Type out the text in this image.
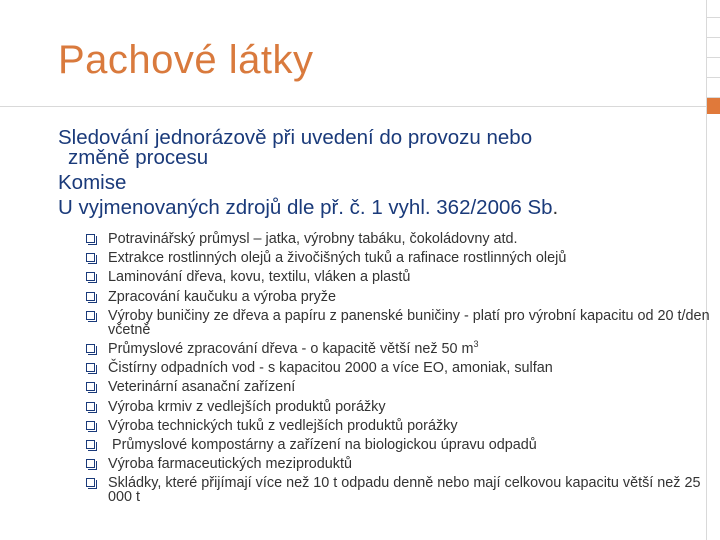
Pachové látky
Sledování jednorázově při uvedení do provozu nebo
změně procesu
Komise
U vyjmenovaných zdrojů dle př. č. 1 vyhl. 362/2006 Sb.
Potravinářský průmysl – jatka, výrobny tabáku, čokoládovny atd.
Extrakce rostlinných olejů a živočišných tuků a rafinace rostlinných olejů
Laminování dřeva, kovu, textilu, vláken a plastů
Zpracování kaučuku a výroba pryže
Výroby buničiny ze dřeva a papíru z panenské buničiny - platí pro výrobní kapacitu od 20 t/den včetně
Průmyslové zpracování dřeva - o kapacitě větší než 50 $m^3$
Čistírny odpadních vod - s kapacitou 2000 a více EO, amoniak, sulfan
Veterinární asanační zařízení
Výroba krmiv z vedlejších produktů porážky
Výroba technických tuků z vedlejších produktů porážky
Průmyslové kompostárny a zařízení na biologickou úpravu odpadů
Výroba farmaceutických meziproduktů
Skládky, které přijímají více než 10 t odpadu denně nebo mají celkovou kapacitu větší než 25 000 t
